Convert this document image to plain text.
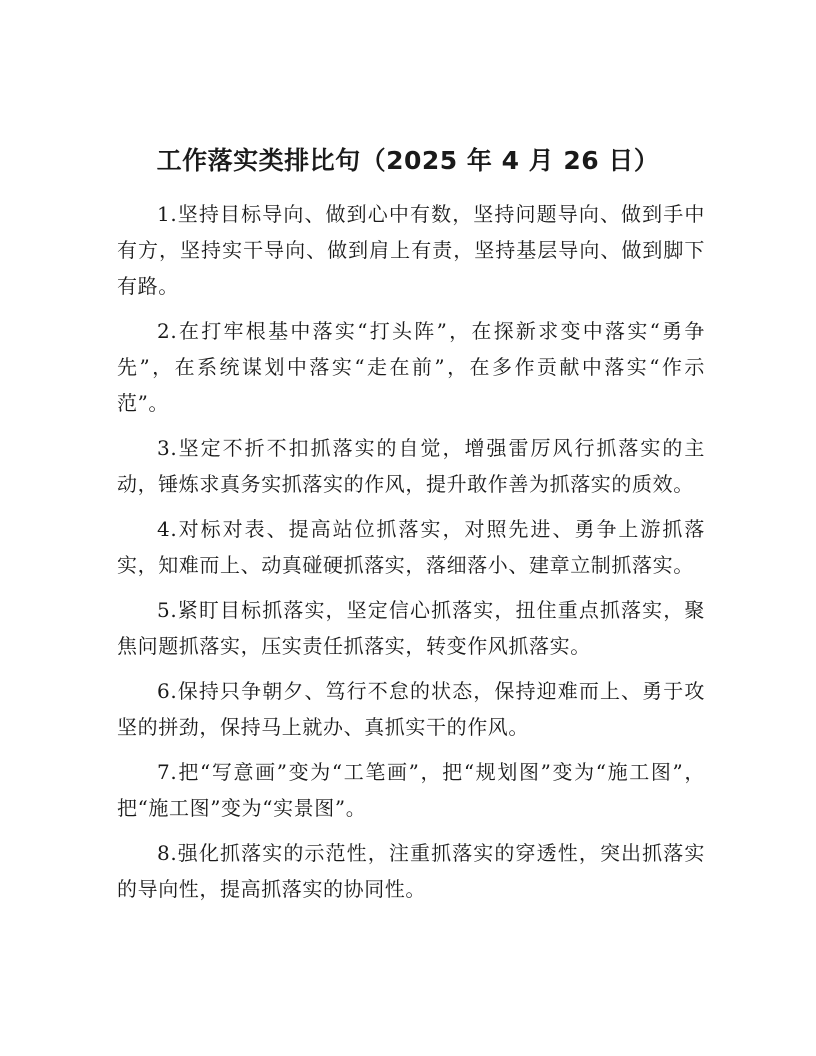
工作落实类排比句（2025 年 4 月 26 日）

1.坚持目标导向、做到心中有数，坚持问题导向、做到手中有方，坚持实干导向、做到肩上有责，坚持基层导向、做到脚下有路。

2.在打牢根基中落实“打头阵”，在探新求变中落实“勇争先”，在系统谋划中落实“走在前”，在多作贡献中落实“作示范”。

3.坚定不折不扣抓落实的自觉，增强雷厉风行抓落实的主动，锤炼求真务实抓落实的作风，提升敢作善为抓落实的质效。

4.对标对表、提高站位抓落实，对照先进、勇争上游抓落实，知难而上、动真碰硬抓落实，落细落小、建章立制抓落实。

5.紧盯目标抓落实，坚定信心抓落实，扭住重点抓落实，聚焦问题抓落实，压实责任抓落实，转变作风抓落实。

6.保持只争朝夕、笃行不怠的状态，保持迎难而上、勇于攻坚的拼劲，保持马上就办、真抓实干的作风。

7.把“写意画”变为“工笔画”，把“规划图”变为“施工图”，把“施工图”变为“实景图”。

8.强化抓落实的示范性，注重抓落实的穿透性，突出抓落实的导向性，提高抓落实的协同性。
